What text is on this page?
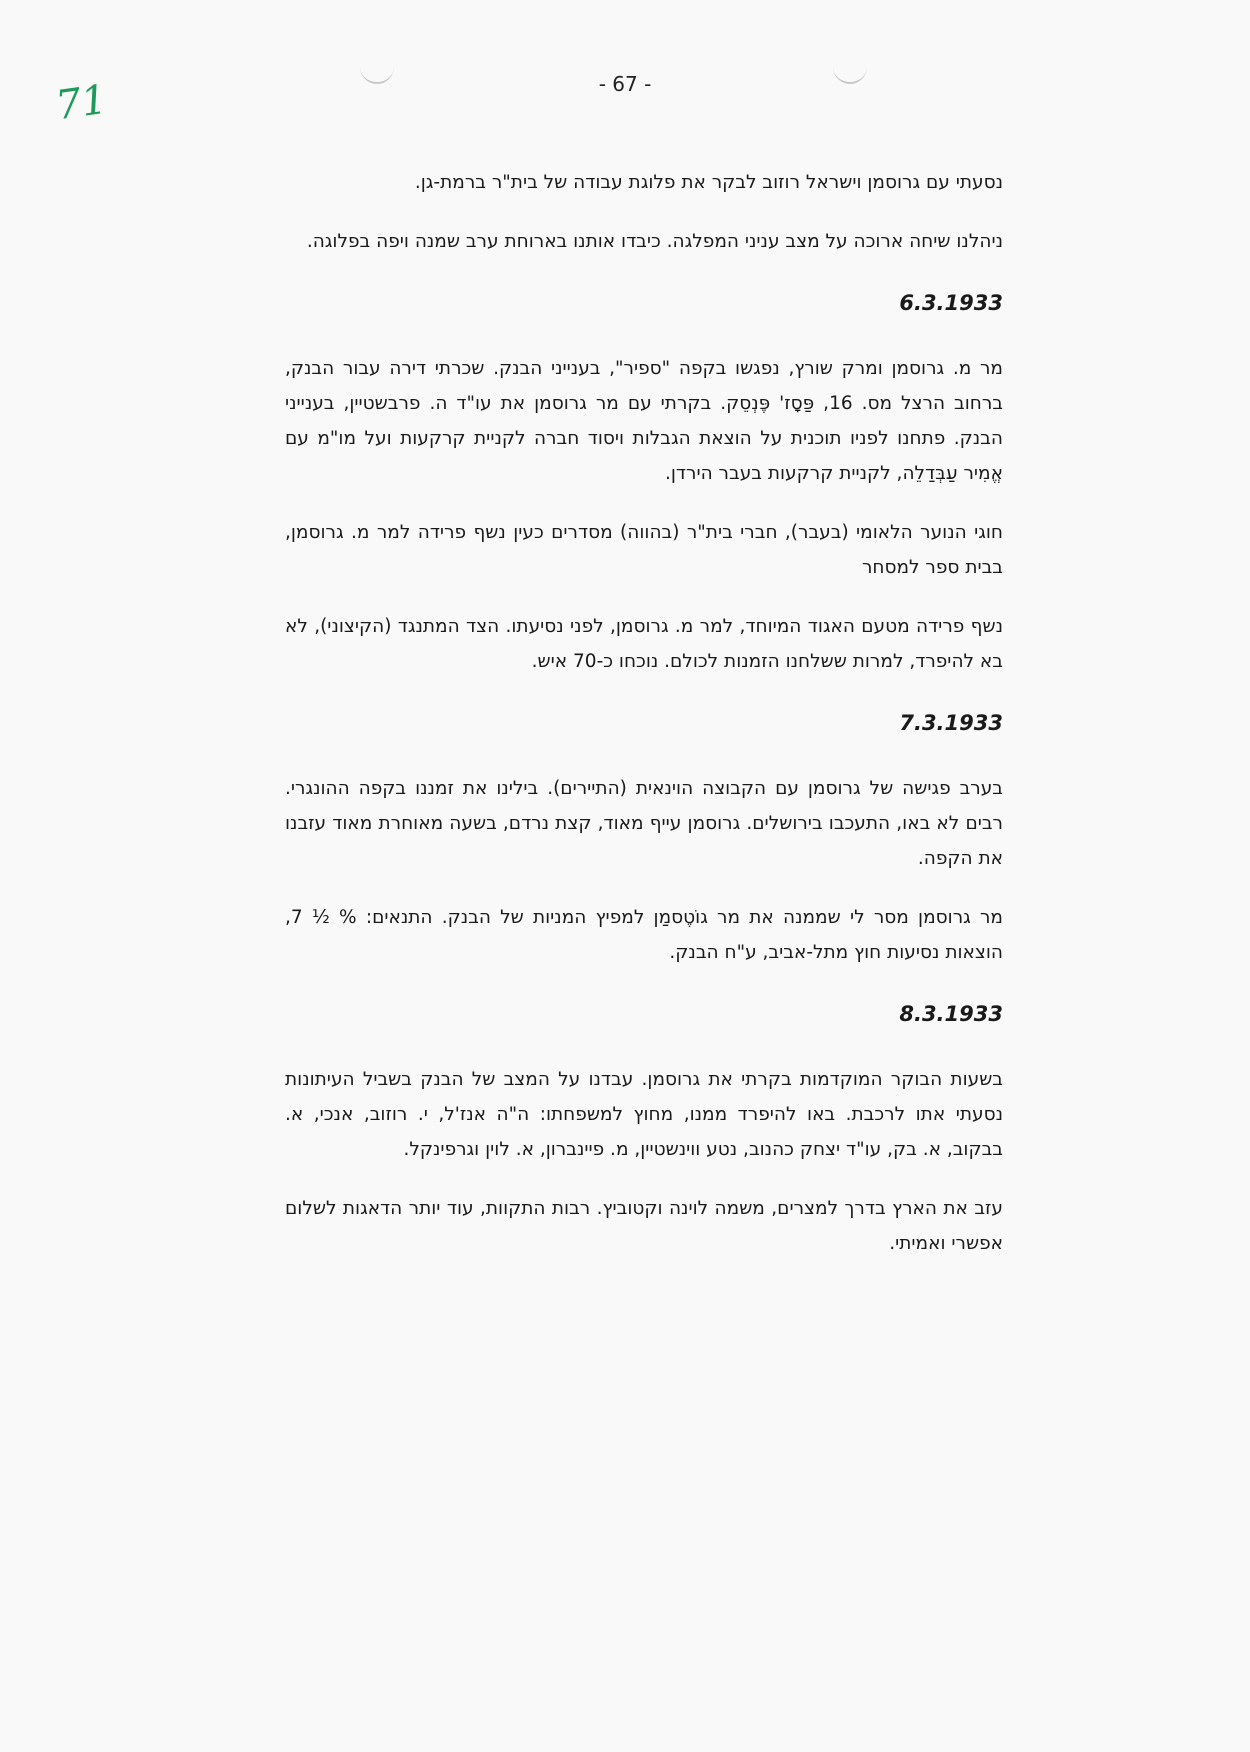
71	- 67 -

נסעתי עם גרוסמן וישראל רוזוב לבקר את פלוגת עבודה של בית"ר ברמת-גן.

ניהלנו שיחה ארוכה על מצב עניני המפלגה. כיבדו אותנו בארוחת ערב שמנה ויפה בפלוגה.

6.3.1933

מר מ. גרוסמן ומרק שורץ, נפגשו בקפה "ספיר", בענייני הבנק. שכרתי דירה עבור הבנק, ברחוב הרצל מס. 16, פַּסָז' פֶּנְסֵק. בקרתי עם מר גרוסמן את עו"ד ה. פרבשטיין, בענייני הבנק. פתחנו לפניו תוכנית על הוצאת הגבלות ויסוד חברה לקניית קרקעות ועל מו"מ עם אֱמִיר עַבְּדַלֵה, לקניית קרקעות בעבר הירדן.

חוגי הנוער הלאומי (בעבר), חברי בית"ר (בהווה) מסדרים כעין נשף פרידה למר מ. גרוסמן, בבית ספר למסחר

נשף פרידה מטעם האגוד המיוחד, למר מ. גרוסמן, לפני נסיעתו. הצד המתנגד (הקיצוני), לא בא להיפרד, למרות ששלחנו הזמנות לכולם. נוכחו כ-70 איש.

7.3.1933

בערב פגישה של גרוסמן עם הקבוצה הוינאית (התיירים). בילינו את זמננו בקפה ההונגרי. רבים לא באו, התעכבו בירושלים. גרוסמן עייף מאוד, קצת נרדם, בשעה מאוחרת מאוד עזבנו את הקפה.

מר גרוסמן מסר לי שממנה את מר גוֹטֶסמַן למפיץ המניות של הבנק. התנאים: % ½ 7, הוצאות נסיעות חוץ מתל-אביב, ע"ח הבנק.

8.3.1933

בשעות הבוקר המוקדמות בקרתי את גרוסמן. עבדנו על המצב של הבנק בשביל העיתונות נסעתי אתו לרכבת. באו להיפרד ממנו, מחוץ למשפחתו: ה"ה אנז'ל, י. רוזוב, אנכי, א. בבקוב, א. בק, עו"ד יצחק כהנוב, נטע ווינשטיין, מ. פיינברון, א. לוין וגרפינקל.

עזב את הארץ בדרך למצרים, משמה לוינה וקטוביץ. רבות התקוות, עוד יותר הדאגות לשלום אפשרי ואמיתי.
